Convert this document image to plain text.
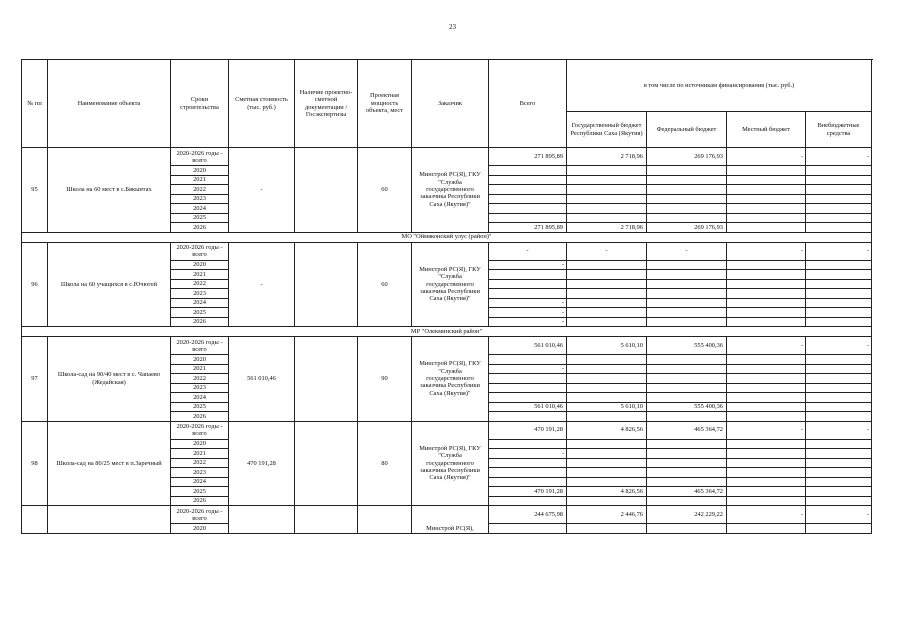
23
№ пп	Наименование объекта	Сроки строительства	Сметная стоимость (тыс. руб.)	Наличие проектно-сметной документации /Госэкспертизы	Проектная мощность объекта, мест	Заказчик	Всего	в том числе по источникам финансирования (тыс. руб.)			
								Государственный бюджет Республики Саха (Якутия)	Федеральный бюджет	Местный бюджет	Внебюджетные средства
95	Школа на 60 мест в с.Бякынтах	2020-2026 годы - всего	-		60	Минстрой РС(Я), ГКУ "Служба государственного заказчика Республики Саха (Якутия)"	271 895,89	2 718,96	269 176,93	-	-
		2020									
		2021									
		2022									
		2023									
		2024									
		2025									
		2026					271 895,89	2 718,96	269 176,93		
МО "Оймяконский улус (район)"											
96	Школа на 60 учащихся в с.Ючюгей	2020-2026 годы - всего	-		60	Минстрой РС(Я), ГКУ "Служба государственного заказчика Республики Саха (Якутия)"	-	-	-	-	-
		2020					-				
		2021									
		2022									
		2023									
		2024					-				
		2025					-				
		2026					-				
МР "Олекминский район"											
97	Школа-сад на 90/40 мест в с. Чапаево (Жедайская)	2020-2026 годы - всего	561 010,46		90	Минстрой РС(Я), ГКУ "Служба государственного заказчика Республики Саха (Якутия)"	561 010,46	5 610,10	555 400,36	-	-
		2020									
		2021					-				
		2022									
		2023									
		2024									
		2025					561 010,46	5 610,10	555 400,36		
		2026									
98	Школа-сад на 80/25 мест в п.Заречный	2020-2026 годы - всего	470 191,28		80	Минстрой РС(Я), ГКУ "Служба государственного заказчика Республики Саха (Якутия)"	470 191,28	4 826,56	465 364,72	-	-
		2020									
		2021					-				
		2022									
		2023									
		2024									
		2025					470 191,28	4 826,56	465 364,72		
		2026									
		2020-2026 годы - всего				Минстрой РС(Я),	244 675,98	2 446,76	242 229,22	-	-
		2020									
